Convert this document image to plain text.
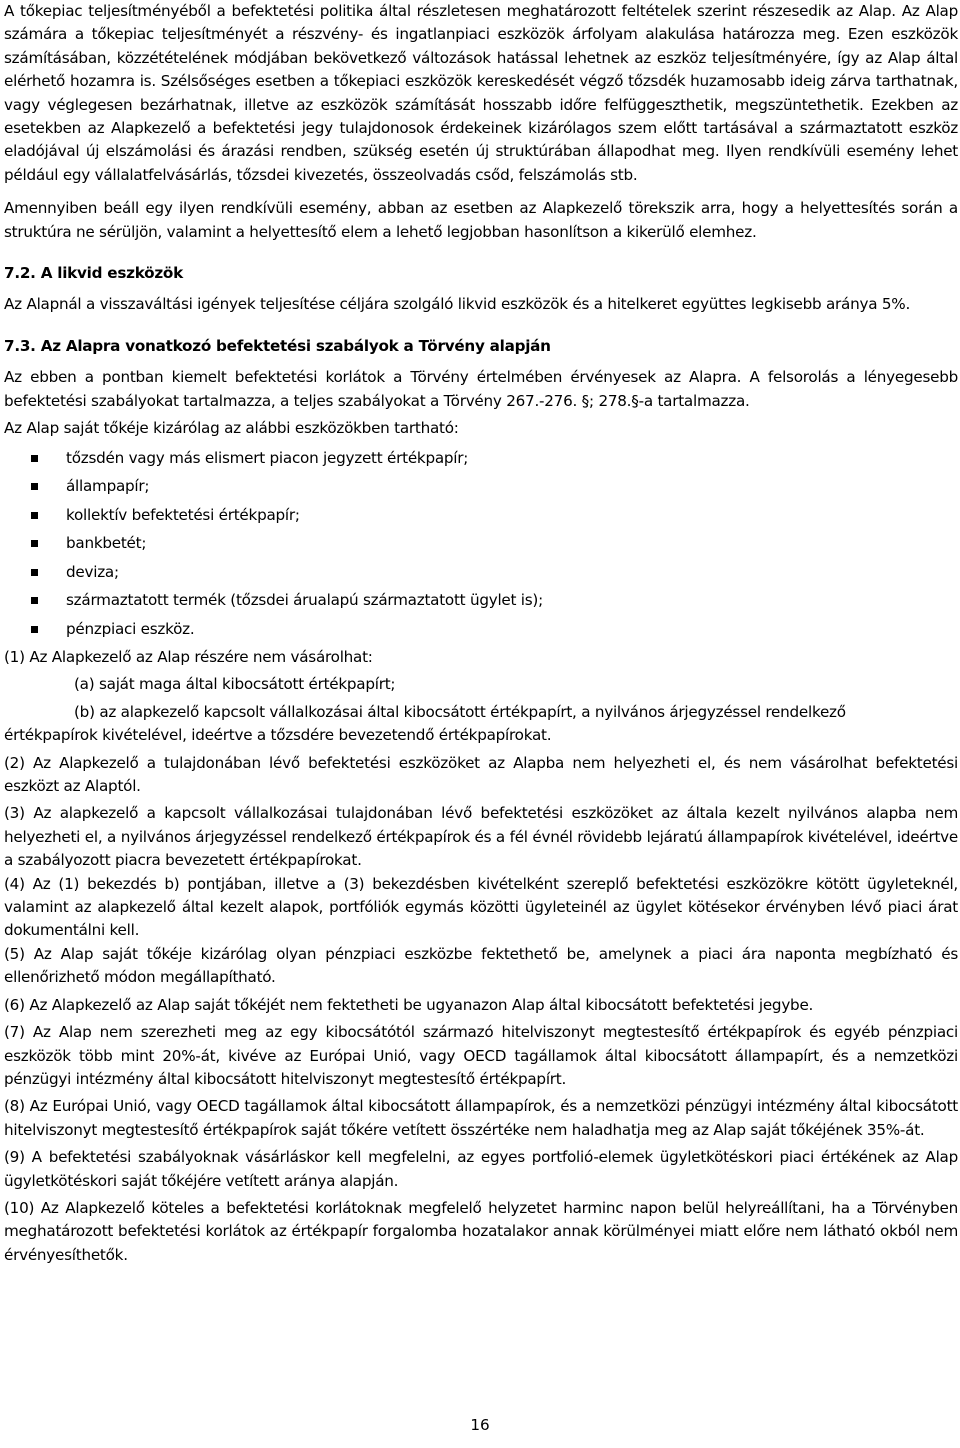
A tőkepiac teljesítményéből a befektetési politika által részletesen meghatározott feltételek szerint részesedik az Alap. Az Alap számára a tőkepiac teljesítményét a részvény- és ingatlanpiaci eszközök árfolyam alakulása határozza meg. Ezen eszközök számításában, közzétételének módjában bekövetkező változások hatással lehetnek az eszköz teljesítményére, így az Alap által elérhető hozamra is. Szélsőséges esetben a tőkepiaci eszközök kereskedését végző tőzsdék huzamosabb ideig zárva tarthatnak, vagy véglegesen bezárhatnak, illetve az eszközök számítását hosszabb időre felfüggeszthetik, megszüntethetik. Ezekben az esetekben az Alapkezelő a befektetési jegy tulajdonosok érdekeinek kizárólagos szem előtt tartásával a származtatott eszköz eladójával új elszámolási és árazási rendben, szükség esetén új struktúrában állapodhat meg. Ilyen rendkívüli esemény lehet például egy vállalatfelvásárlás, tőzsdei kivezetés, összeolvadás csőd, felszámolás stb.

Amennyiben beáll egy ilyen rendkívüli esemény, abban az esetben az Alapkezelő törekszik arra, hogy a helyettesítés során a struktúra ne sérüljön, valamint a helyettesítő elem a lehető legjobban hasonlítson a kikerülő elemhez.

7.2. A likvid eszközök

Az Alapnál a visszaváltási igények teljesítése céljára szolgáló likvid eszközök és a hitelkeret együttes legkisebb aránya 5%.

7.3. Az Alapra vonatkozó befektetési szabályok a Törvény alapján

Az ebben a pontban kiemelt befektetési korlátok a Törvény értelmében érvényesek az Alapra. A felsorolás a lényegesebb befektetési szabályokat tartalmazza, a teljes szabályokat a Törvény 267.-276. §; 278.§-a tartalmazza.

Az Alap saját tőkéje kizárólag az alábbi eszközökben tartható:

tőzsdén vagy más elismert piacon jegyzett értékpapír;
állampapír;
kollektív befektetési értékpapír;
bankbetét;
deviza;
származtatott termék (tőzsdei árualapú származtatott ügylet is);
pénzpiaci eszköz.

(1) Az Alapkezelő az Alap részére nem vásárolhat:

(a) saját maga által kibocsátott értékpapírt;

(b) az alapkezelő kapcsolt vállalkozásai által kibocsátott értékpapírt, a nyilvános árjegyzéssel rendelkező

értékpapírok kivételével, ideértve a tőzsdére bevezetendő értékpapírokat.

(2) Az Alapkezelő a tulajdonában lévő befektetési eszközöket az Alapba nem helyezheti el, és nem vásárolhat befektetési eszközt az Alaptól.

(3) Az alapkezelő a kapcsolt vállalkozásai tulajdonában lévő befektetési eszközöket az általa kezelt nyilvános alapba nem helyezheti el, a nyilvános árjegyzéssel rendelkező értékpapírok és a fél évnél rövidebb lejáratú állampapírok kivételével, ideértve a szabályozott piacra bevezetett értékpapírokat.

(4) Az (1) bekezdés b) pontjában, illetve a (3) bekezdésben kivételként szereplő befektetési eszközökre kötött ügyleteknél, valamint az alapkezelő által kezelt alapok, portfóliók egymás közötti ügyleteinél az ügylet kötésekor érvényben lévő piaci árat dokumentálni kell.

(5) Az Alap saját tőkéje kizárólag olyan pénzpiaci eszközbe fektethető be, amelynek a piaci ára naponta megbízható és ellenőrizhető módon megállapítható.

(6) Az Alapkezelő az Alap saját tőkéjét nem fektetheti be ugyanazon Alap által kibocsátott befektetési jegybe.

(7) Az Alap nem szerezheti meg az egy kibocsátótól származó hitelviszonyt megtestesítő értékpapírok és egyéb pénzpiaci eszközök több mint 20%-át, kivéve az Európai Unió, vagy OECD tagállamok által kibocsátott állampapírt, és a nemzetközi pénzügyi intézmény által kibocsátott hitelviszonyt megtestesítő értékpapírt.

(8) Az Európai Unió, vagy OECD tagállamok által kibocsátott állampapírok, és a nemzetközi pénzügyi intézmény által kibocsátott hitelviszonyt megtestesítő értékpapírok saját tőkére vetített összértéke nem haladhatja meg az Alap saját tőkéjének 35%-át.

(9) A befektetési szabályoknak vásárláskor kell megfelelni, az egyes portfolió-elemek ügyletkötéskori piaci értékének az Alap ügyletkötéskori saját tőkéjére vetített aránya alapján.

(10) Az Alapkezelő köteles a befektetési korlátoknak megfelelő helyzetet harminc napon belül helyreállítani, ha a Törvényben meghatározott befektetési korlátok az értékpapír forgalomba hozatalakor annak körülményei miatt előre nem látható okból nem érvényesíthetők.

16
